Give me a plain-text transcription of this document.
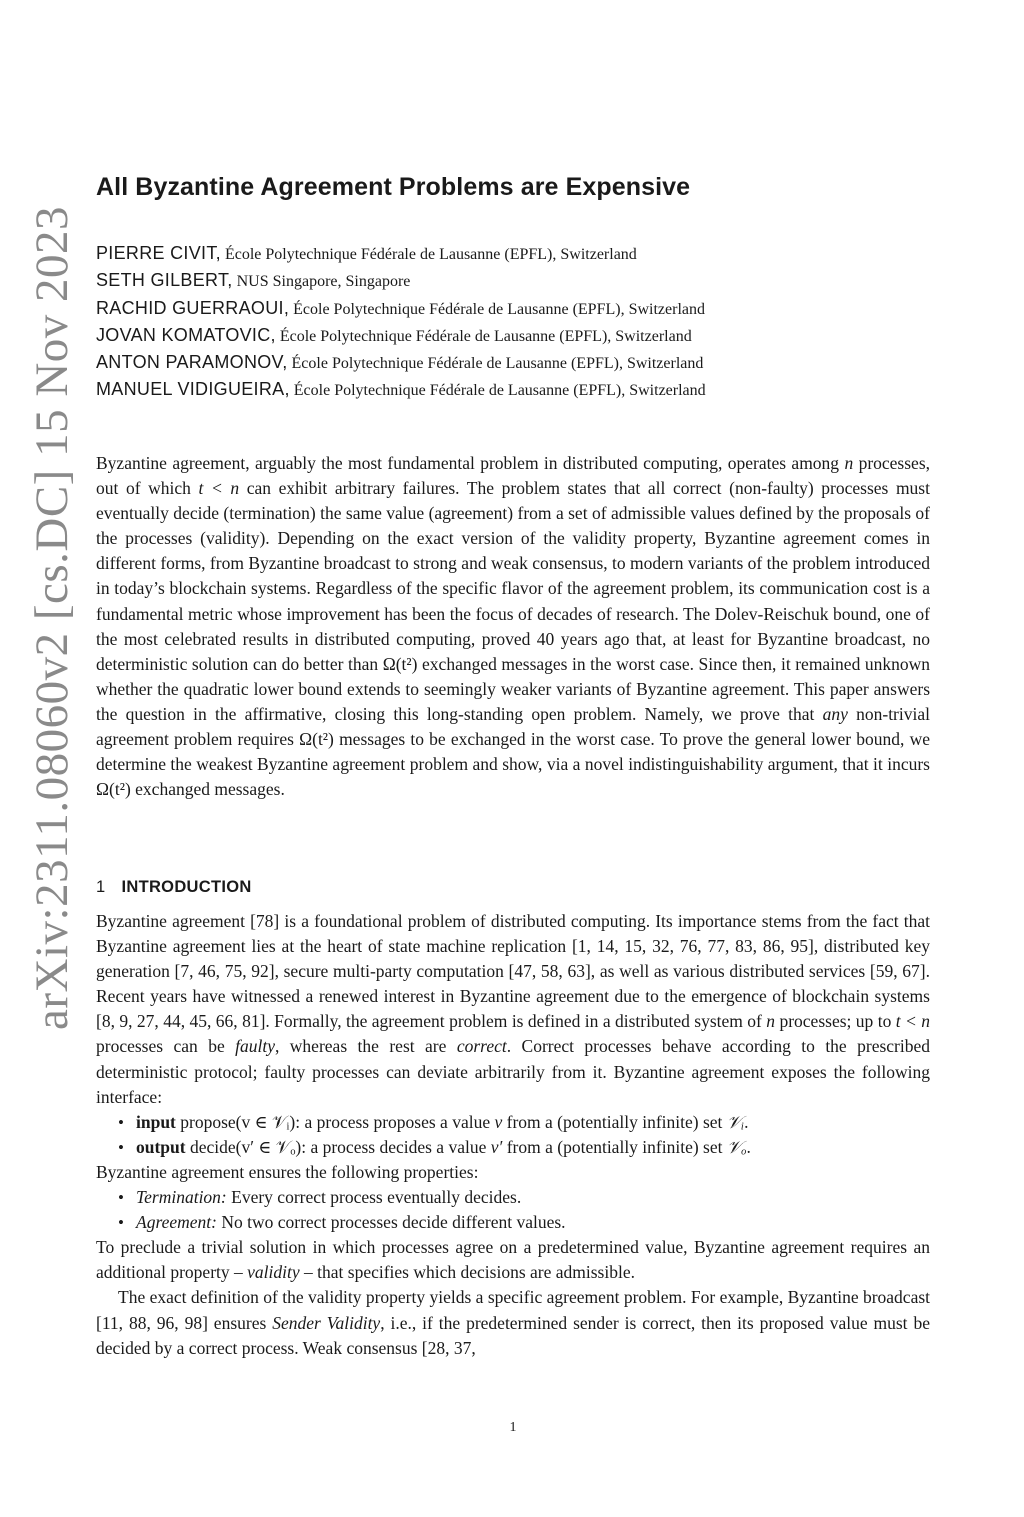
arXiv:2311.08060v2 [cs.DC] 15 Nov 2023
All Byzantine Agreement Problems are Expensive
PIERRE CIVIT, École Polytechnique Fédérale de Lausanne (EPFL), Switzerland
SETH GILBERT, NUS Singapore, Singapore
RACHID GUERRAOUI, École Polytechnique Fédérale de Lausanne (EPFL), Switzerland
JOVAN KOMATOVIC, École Polytechnique Fédérale de Lausanne (EPFL), Switzerland
ANTON PARAMONOV, École Polytechnique Fédérale de Lausanne (EPFL), Switzerland
MANUEL VIDIGUEIRA, École Polytechnique Fédérale de Lausanne (EPFL), Switzerland

Byzantine agreement, arguably the most fundamental problem in distributed computing, operates among n processes, out of which t < n can exhibit arbitrary failures. The problem states that all correct (non-faulty) processes must eventually decide (termination) the same value (agreement) from a set of admissible values defined by the proposals of the processes (validity). Depending on the exact version of the validity property, Byzantine agreement comes in different forms, from Byzantine broadcast to strong and weak consensus, to modern variants of the problem introduced in today’s blockchain systems. Regardless of the specific flavor of the agreement problem, its communication cost is a fundamental metric whose improvement has been the focus of decades of research. The Dolev-Reischuk bound, one of the most celebrated results in distributed computing, proved 40 years ago that, at least for Byzantine broadcast, no deterministic solution can do better than Ω(t²) exchanged messages in the worst case. Since then, it remained unknown whether the quadratic lower bound extends to seemingly weaker variants of Byzantine agreement. This paper answers the question in the affirmative, closing this long-standing open problem. Namely, we prove that any non-trivial agreement problem requires Ω(t²) messages to be exchanged in the worst case. To prove the general lower bound, we determine the weakest Byzantine agreement problem and show, via a novel indistinguishability argument, that it incurs Ω(t²) exchanged messages.

1 INTRODUCTION

Byzantine agreement [78] is a foundational problem of distributed computing. Its importance stems from the fact that Byzantine agreement lies at the heart of state machine replication [1, 14, 15, 32, 76, 77, 83, 86, 95], distributed key generation [7, 46, 75, 92], secure multi-party computation [47, 58, 63], as well as various distributed services [59, 67]. Recent years have witnessed a renewed interest in Byzantine agreement due to the emergence of blockchain systems [8, 9, 27, 44, 45, 66, 81]. Formally, the agreement problem is defined in a distributed system of n processes; up to t < n processes can be faulty, whereas the rest are correct. Correct processes behave according to the prescribed deterministic protocol; faulty processes can deviate arbitrarily from it. Byzantine agreement exposes the following interface:

• input propose(v ∈ 𝒱ᵢ): a process proposes a value v from a (potentially infinite) set 𝒱ᵢ.
• output decide(v′ ∈ 𝒱ₒ): a process decides a value v′ from a (potentially infinite) set 𝒱ₒ.

Byzantine agreement ensures the following properties:

• Termination: Every correct process eventually decides.
• Agreement: No two correct processes decide different values.

To preclude a trivial solution in which processes agree on a predetermined value, Byzantine agreement requires an additional property – validity – that specifies which decisions are admissible.

The exact definition of the validity property yields a specific agreement problem. For example, Byzantine broadcast [11, 88, 96, 98] ensures Sender Validity, i.e., if the predetermined sender is correct, then its proposed value must be decided by a correct process. Weak consensus [28, 37,

1
